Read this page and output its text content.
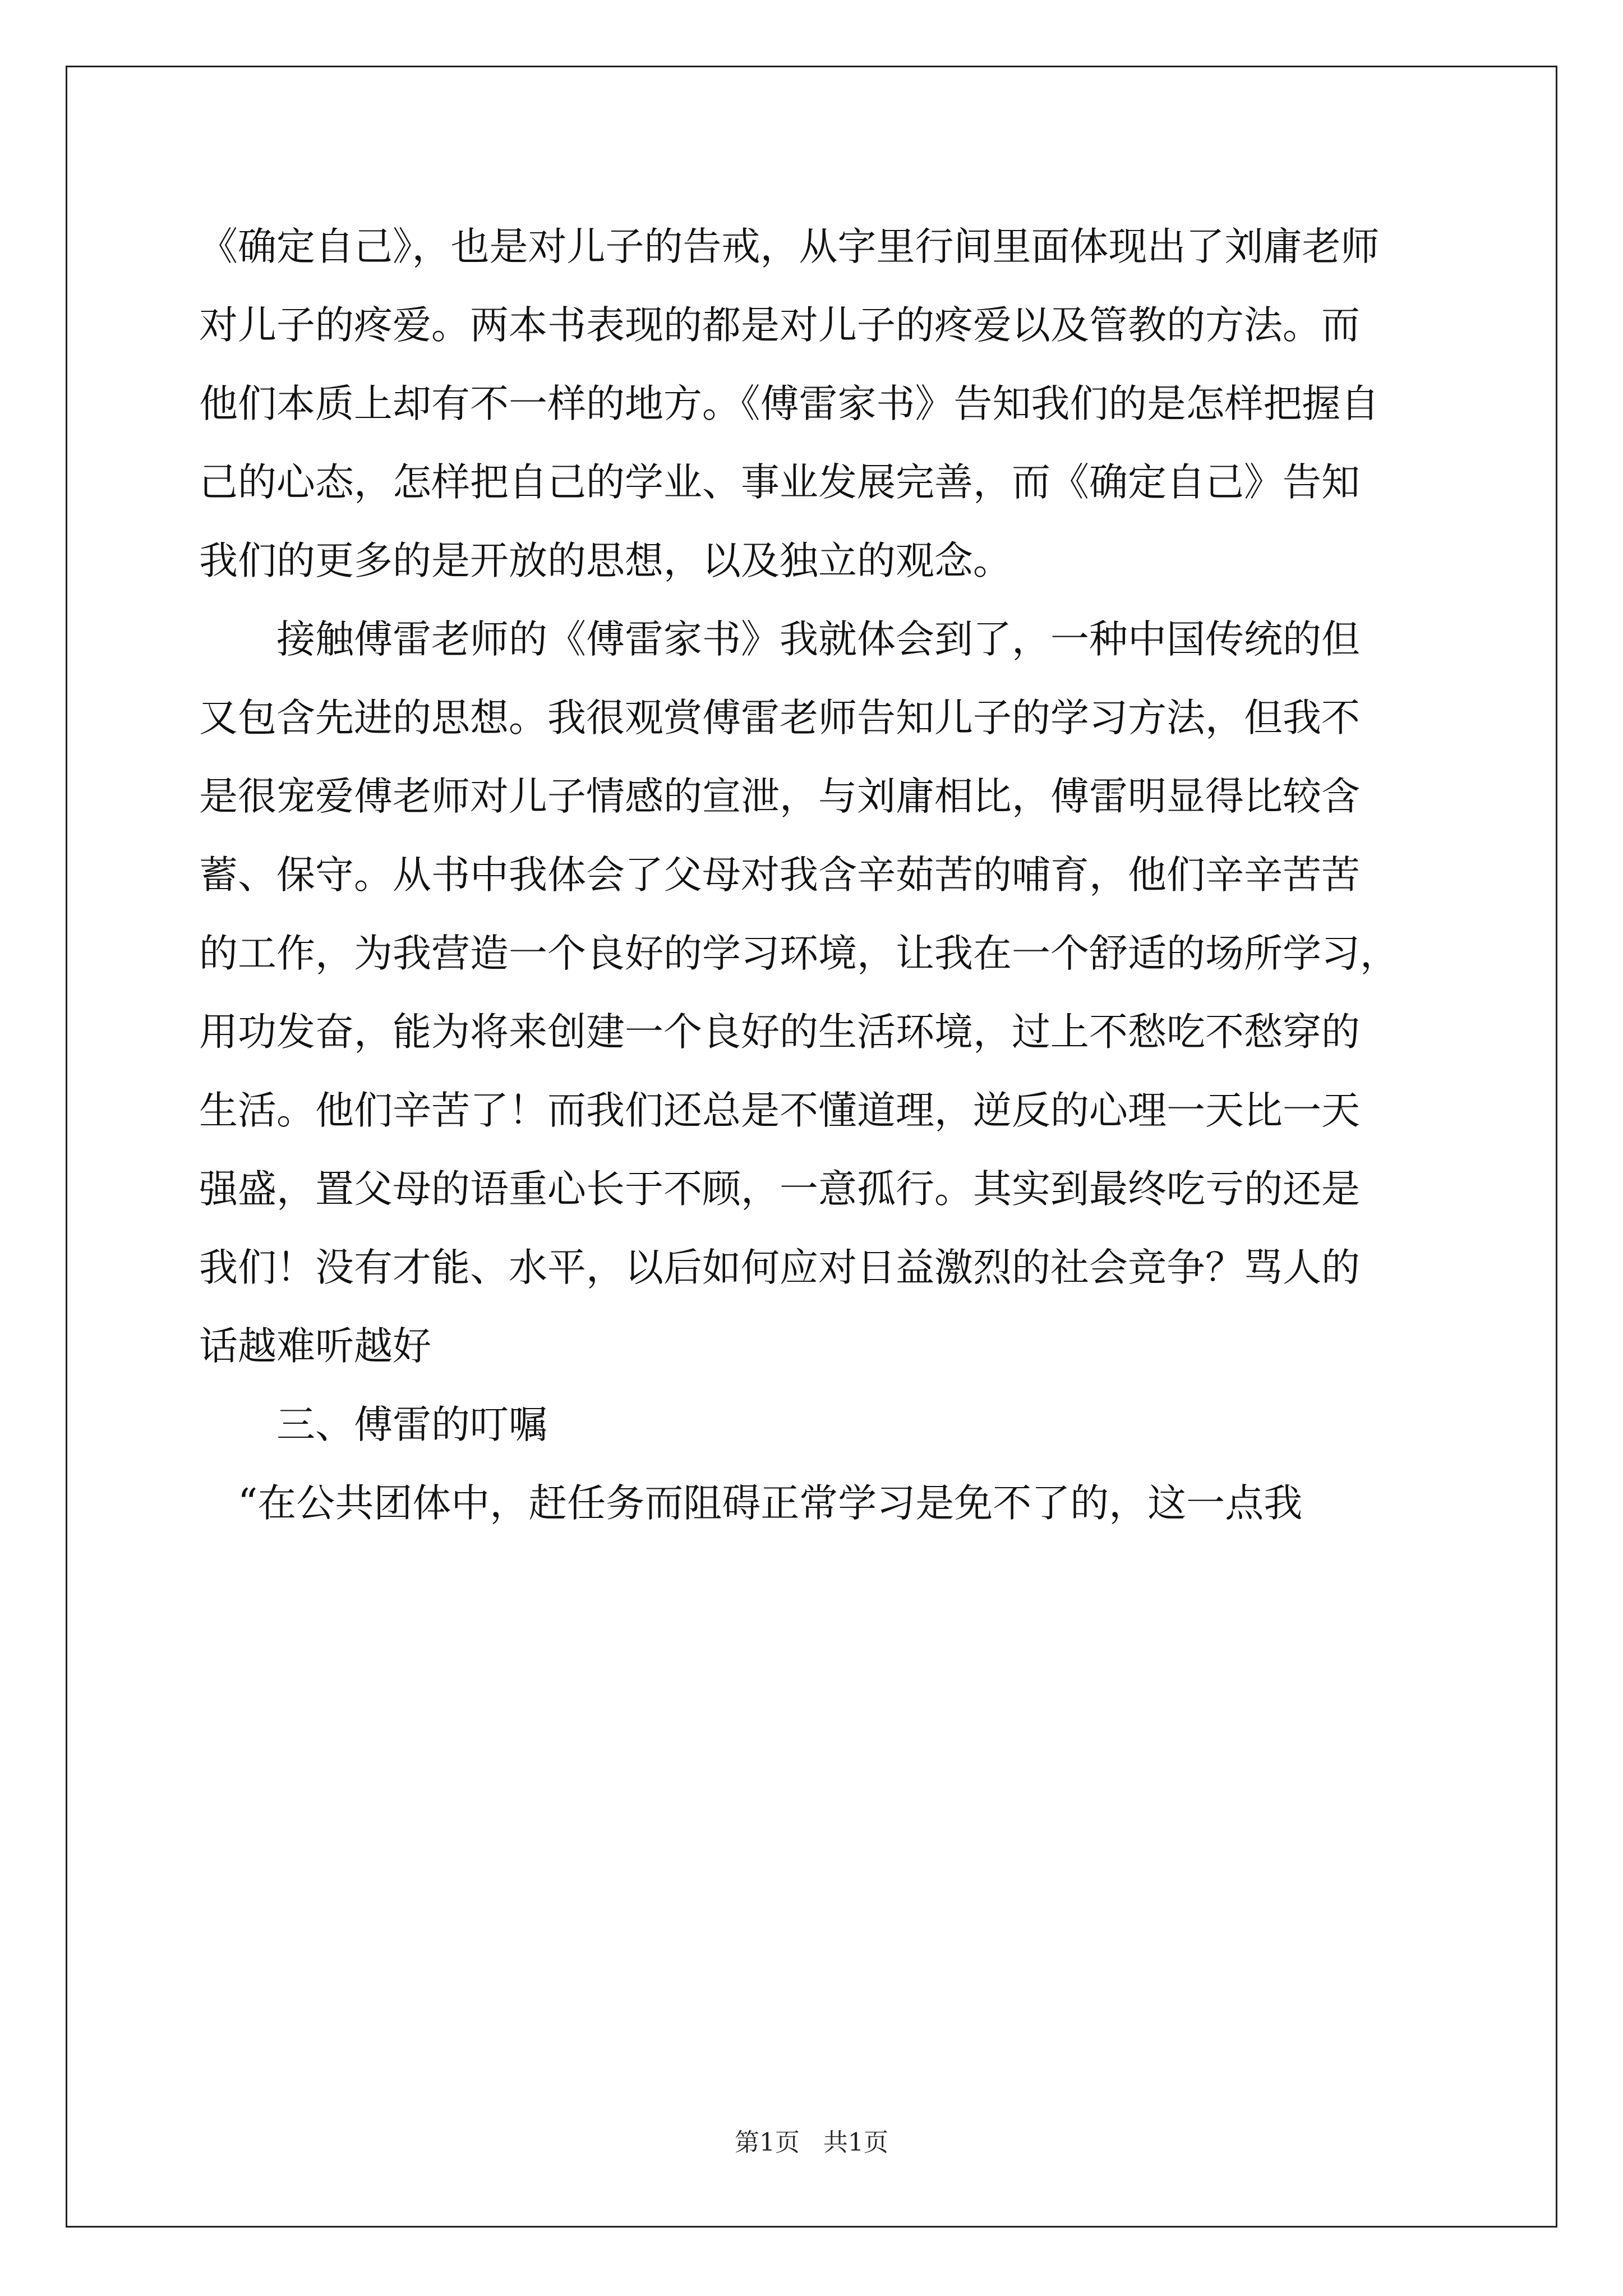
《确定自己》，也是对儿子的告戒，从字里行间里面体现出了刘庸老师
对儿子的疼爱。两本书表现的都是对儿子的疼爱以及管教的方法。而
他们本质上却有不一样的地方。《傅雷家书》告知我们的是怎样把握自
己的心态，怎样把自己的学业、事业发展完善，而《确定自己》告知
我们的更多的是开放的思想，以及独立的观念。
　　接触傅雷老师的《傅雷家书》我就体会到了，一种中国传统的但
又包含先进的思想。我很观赏傅雷老师告知儿子的学习方法，但我不
是很宠爱傅老师对儿子情感的宣泄，与刘庸相比，傅雷明显得比较含
蓄、保守。从书中我体会了父母对我含辛茹苦的哺育，他们辛辛苦苦
的工作，为我营造一个良好的学习环境，让我在一个舒适的场所学习，
用功发奋，能为将来创建一个良好的生活环境，过上不愁吃不愁穿的
生活。他们辛苦了！而我们还总是不懂道理，逆反的心理一天比一天
强盛，置父母的语重心长于不顾，一意孤行。其实到最终吃亏的还是
我们！没有才能、水平，以后如何应对日益激烈的社会竞争？骂人的
话越难听越好
　　三、傅雷的叮嘱
　“在公共团体中，赶任务而阻碍正常学习是免不了的，这一点我
第1页 共1页
